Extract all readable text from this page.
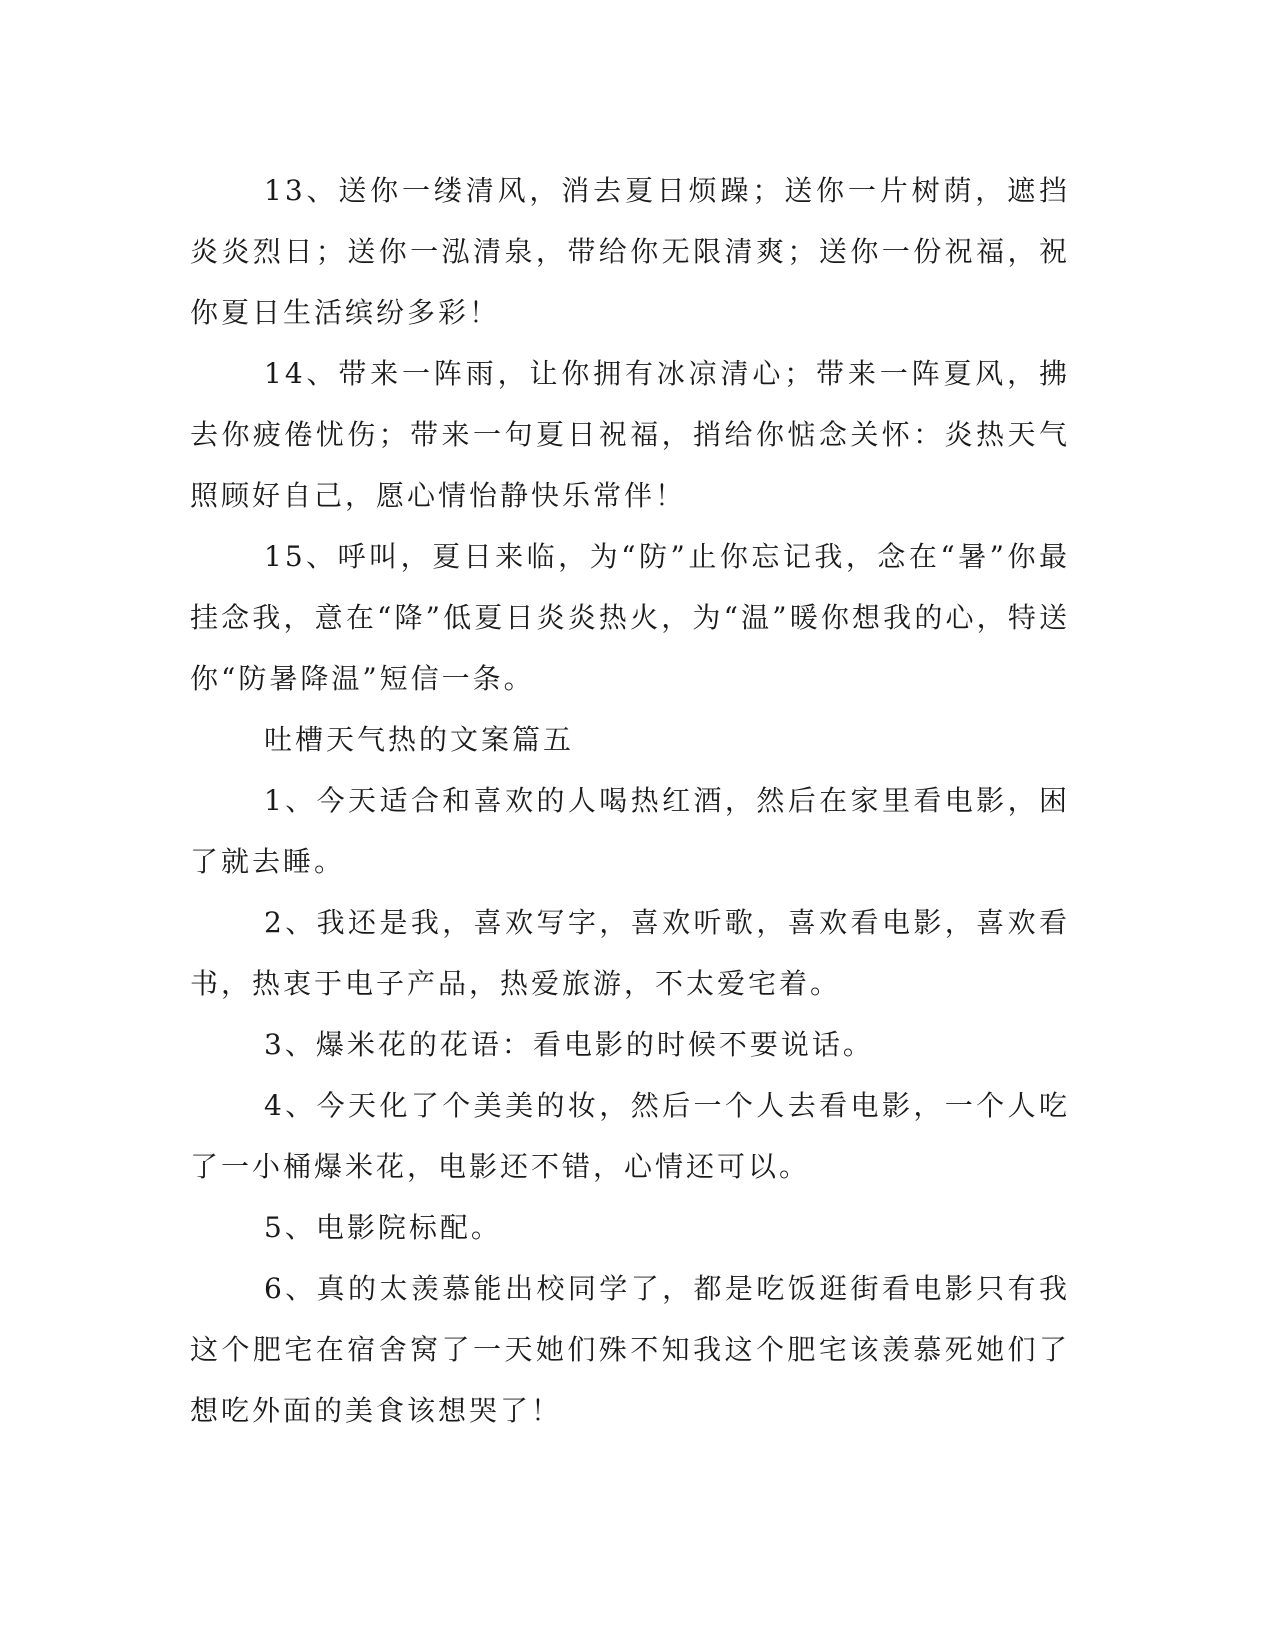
13、送你一缕清风，消去夏日烦躁；送你一片树荫，遮挡炎炎烈日；送你一泓清泉，带给你无限清爽；送你一份祝福，祝你夏日生活缤纷多彩！

14、带来一阵雨，让你拥有冰凉清心；带来一阵夏风，拂去你疲倦忧伤；带来一句夏日祝福，捎给你惦念关怀：炎热天气照顾好自己，愿心情怡静快乐常伴！

15、呼叫，夏日来临，为“防”止你忘记我，念在“暑”你最挂念我，意在“降”低夏日炎炎热火，为“温”暖你想我的心，特送你“防暑降温”短信一条。

吐槽天气热的文案篇五

1、今天适合和喜欢的人喝热红酒，然后在家里看电影，困了就去睡。

2、我还是我，喜欢写字，喜欢听歌，喜欢看电影，喜欢看书，热衷于电子产品，热爱旅游，不太爱宅着。

3、爆米花的花语：看电影的时候不要说话。

4、今天化了个美美的妆，然后一个人去看电影，一个人吃了一小桶爆米花，电影还不错，心情还可以。

5、电影院标配。

6、真的太羡慕能出校同学了，都是吃饭逛街看电影只有我这个肥宅在宿舍窝了一天她们殊不知我这个肥宅该羡慕死她们了想吃外面的美食该想哭了！
